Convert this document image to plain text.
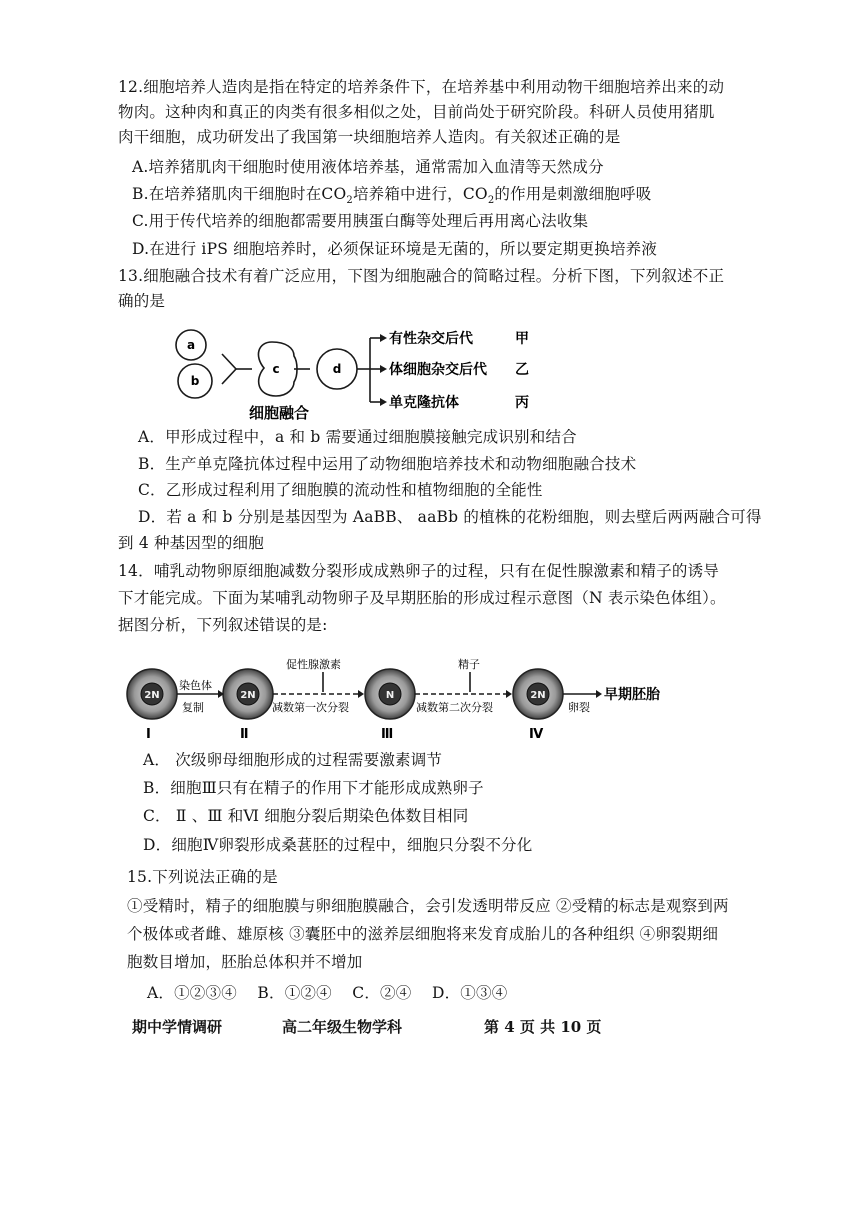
12.细胞培养人造肉是指在特定的培养条件下，在培养基中利用动物干细胞培养出来的动
物肉。这种肉和真正的肉类有很多相似之处，目前尚处于研究阶段。科研人员使用猪肌
肉干细胞，成功研发出了我国第一块细胞培养人造肉。有关叙述正确的是
A.培养猪肌肉干细胞时使用液体培养基，通常需加入血清等天然成分
B.在培养猪肌肉干细胞时在$CO_2$培养箱中进行，$CO_2$的作用是刺激细胞呼吸
C.用于传代培养的细胞都需要用胰蛋白酶等处理后再用离心法收集
D.在进行 iPS 细胞培养时，必须保证环境是无菌的，所以要定期更换培养液
13.细胞融合技术有着广泛应用，下图为细胞融合的简略过程。分析下图，下列叙述不正
确的是
a
b
c	d
细胞融合
有性杂交后代
体细胞杂交后代
单克隆抗体
甲
乙
丙
A．甲形成过程中，a 和 b 需要通过细胞膜接触完成识别和结合
B．生产单克隆抗体过程中运用了动物细胞培养技术和动物细胞融合技术
C．乙形成过程利用了细胞膜的流动性和植物细胞的全能性
D．若 a 和 b 分别是基因型为 AaBB、 aaBb 的植株的花粉细胞，则去壁后两两融合可得
到 4 种基因型的细胞
14．哺乳动物卵原细胞减数分裂形成成熟卵子的过程，只有在促性腺激素和精子的诱导
下才能完成。下面为某哺乳动物卵子及早期胚胎的形成过程示意图（N 表示染色体组）。
据图分析，下列叙述错误的是:
2N	2N	N	2N
染色体
复制
促性腺激素
减数第一次分裂
精子
减数第二次分裂	卵裂
早期胚胎
Ⅰ	Ⅱ	Ⅲ	Ⅳ
A． 次级卵母细胞形成的过程需要激素调节
B．细胞Ⅲ只有在精子的作用下才能形成成熟卵子
C． Ⅱ 、Ⅲ 和Ⅵ 细胞分裂后期染色体数目相同
D．细胞Ⅳ卵裂形成桑葚胚的过程中，细胞只分裂不分化
15.下列说法正确的是
①受精时，精子的细胞膜与卵细胞膜融合，会引发透明带反应 ②受精的标志是观察到两
个极体或者雌、雄原核 ③囊胚中的滋养层细胞将来发育成胎儿的各种组织 ④卵裂期细
胞数目增加，胚胎总体积并不增加
A．①②③④    B．①②④    C．②④    D．①③④
期中学情调研	高二年级生物学科	第 4 页 共 10 页
